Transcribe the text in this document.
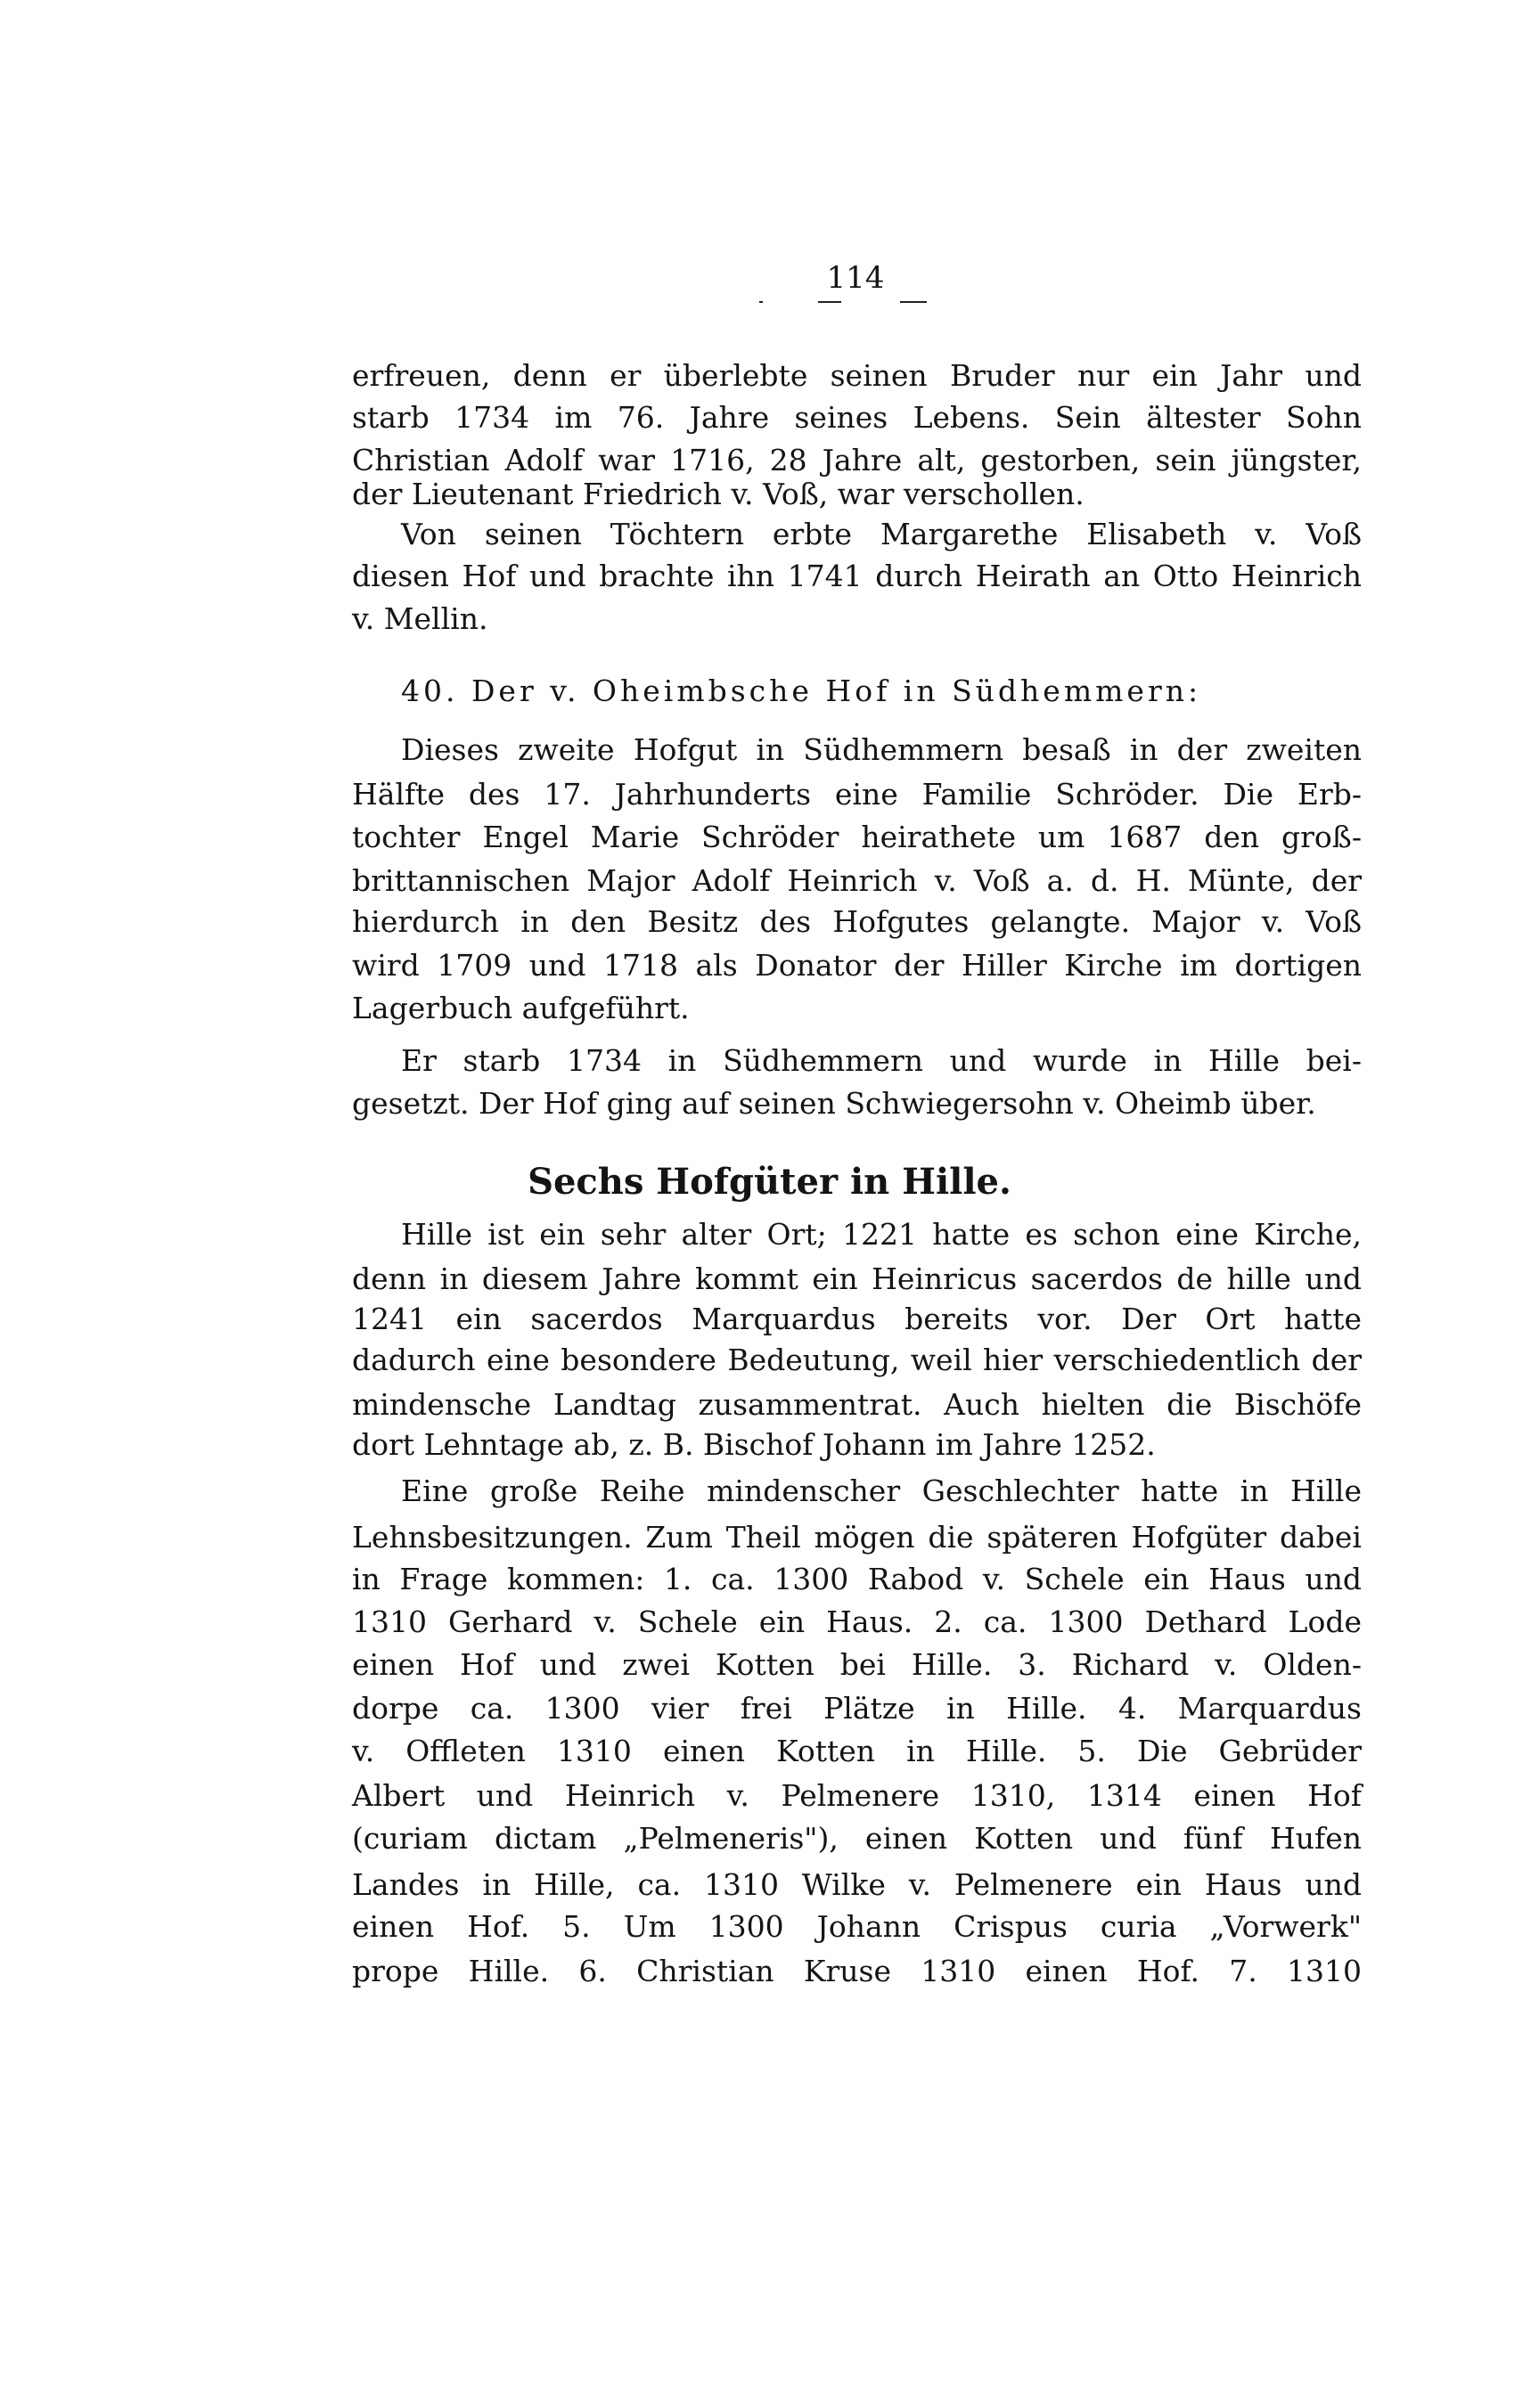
114
erfreuen, denn er überlebte seinen Bruder nur ein Jahr und
starb 1734 im 76. Jahre seines Lebens. Sein ältester Sohn
Christian Adolf war 1716, 28 Jahre alt, gestorben, sein jüngster,
der Lieutenant Friedrich v. Voß, war verschollen.
Von seinen Töchtern erbte Margarethe Elisabeth v. Voß
diesen Hof und brachte ihn 1741 durch Heirath an Otto Heinrich
v. Mellin.
Dieses zweite Hofgut in Südhemmern besaß in der zweiten
Hälfte des 17. Jahrhunderts eine Familie Schröder. Die Erb-
tochter Engel Marie Schröder heirathete um 1687 den groß-
brittannischen Major Adolf Heinrich v. Voß a. d. H. Münte, der
hierdurch in den Besitz des Hofgutes gelangte. Major v. Voß
wird 1709 und 1718 als Donator der Hiller Kirche im dortigen
Lagerbuch aufgeführt.
Er starb 1734 in Südhemmern und wurde in Hille bei-
gesetzt. Der Hof ging auf seinen Schwiegersohn v. Oheimb über.
Hille ist ein sehr alter Ort; 1221 hatte es schon eine Kirche,
denn in diesem Jahre kommt ein Heinricus sacerdos de hille und
1241 ein sacerdos Marquardus bereits vor. Der Ort hatte
dadurch eine besondere Bedeutung, weil hier verschiedentlich der
mindensche Landtag zusammentrat. Auch hielten die Bischöfe
dort Lehntage ab, z. B. Bischof Johann im Jahre 1252.
Eine große Reihe mindenscher Geschlechter hatte in Hille
Lehnsbesitzungen. Zum Theil mögen die späteren Hofgüter dabei
in Frage kommen: 1. ca. 1300 Rabod v. Schele ein Haus und
1310 Gerhard v. Schele ein Haus. 2. ca. 1300 Dethard Lode
einen Hof und zwei Kotten bei Hille. 3. Richard v. Olden-
dorpe ca. 1300 vier frei Plätze in Hille. 4. Marquardus
v. Offleten 1310 einen Kotten in Hille. 5. Die Gebrüder
Albert und Heinrich v. Pelmenere 1310, 1314 einen Hof
(curiam dictam „Pelmeneris"), einen Kotten und fünf Hufen
Landes in Hille, ca. 1310 Wilke v. Pelmenere ein Haus und
einen Hof. 5. Um 1300 Johann Crispus curia „Vorwerk"
prope Hille. 6. Christian Kruse 1310 einen Hof. 7. 1310
40. Der v. Oheimbsche Hof in Südhemmern:
Sechs Hofgüter in Hille.
